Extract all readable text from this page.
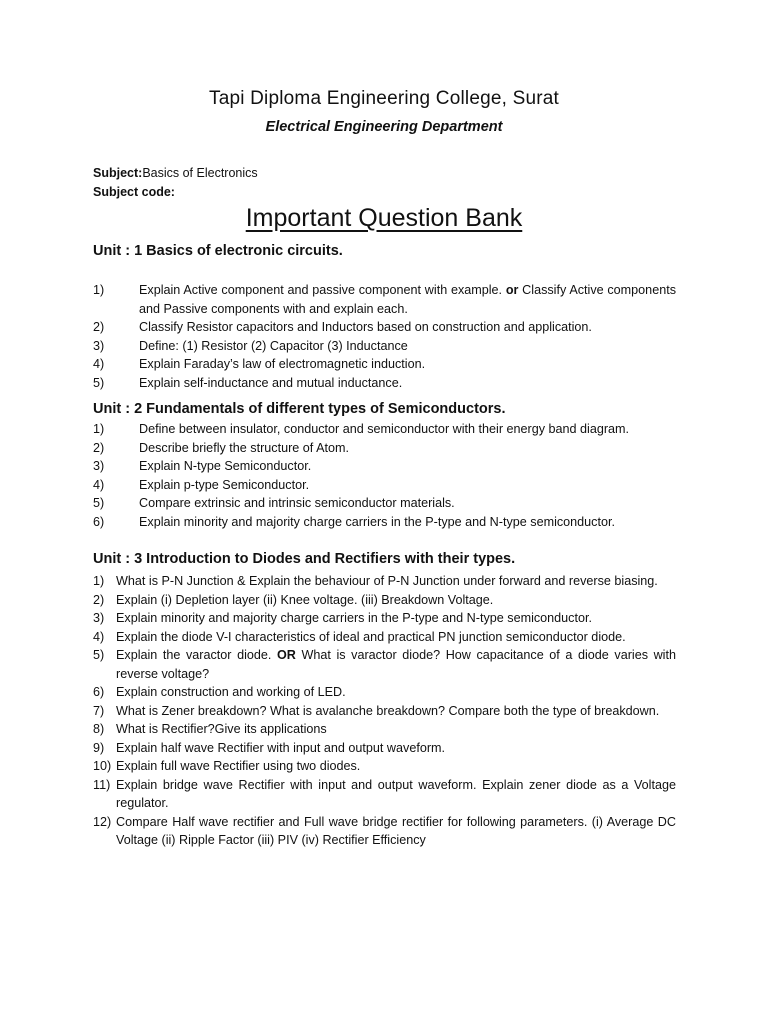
Tapi Diploma Engineering College, Surat
Electrical Engineering Department
Subject:Basics of Electronics
Subject code:
Important Question Bank
Unit : 1 Basics of electronic circuits.
1)	Explain Active component and passive component with example. or Classify Active components and Passive components with and explain each.
2)	Classify Resistor capacitors and Inductors based on construction and application.
3)	Define: (1) Resistor (2) Capacitor (3) Inductance
4)	Explain Faraday’s law of electromagnetic induction.
5)	Explain self-inductance and mutual inductance.
Unit : 2 Fundamentals of different types of Semiconductors.
1)	Define between insulator, conductor and semiconductor with their energy band diagram.
2)	Describe briefly the structure of Atom.
3)	Explain N-type Semiconductor.
4)	Explain p-type Semiconductor.
5)	Compare extrinsic and intrinsic semiconductor materials.
6)	Explain minority and majority charge carriers in the P-type and N-type semiconductor.
Unit : 3 Introduction to Diodes and Rectifiers with their types.
1) What is P-N Junction & Explain the behaviour of P-N Junction under forward and reverse biasing.
2) Explain (i) Depletion layer (ii) Knee voltage. (iii) Breakdown Voltage.
3) Explain minority and majority charge carriers in the P-type and N-type semiconductor.
4) Explain the diode V-I characteristics of ideal and practical PN junction semiconductor diode.
5) Explain the varactor diode. OR What is varactor diode? How capacitance of a diode varies with reverse voltage?
6) Explain construction and working of LED.
7) What is Zener breakdown? What is avalanche breakdown? Compare both the type of breakdown.
8) What is Rectifier?Give its applications
9) Explain half wave Rectifier with input and output waveform.
10) Explain full wave Rectifier using two diodes.
11) Explain bridge wave Rectifier with input and output waveform. Explain zener diode as a Voltage regulator.
12) Compare Half wave rectifier and Full wave bridge rectifier for following parameters. (i) Average DC Voltage (ii) Ripple Factor (iii) PIV (iv) Rectifier Efficiency
